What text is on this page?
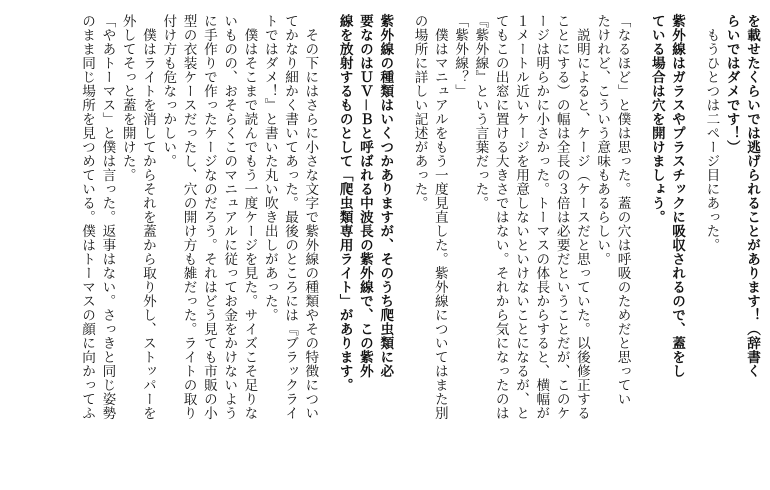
を載せたくらいでは逃げられることがあります！（辞書く
らいではダメです！）

　もうひとつは二ページ目にあった。

紫外線はガラスやプラスチックに吸収されるので、蓋をし
ている場合は穴を開けましょう。

「なるほど」と僕は思った。蓋の穴は呼吸のためだと思ってい
たけれど、こういう意味もあるらしい。
　説明によると、ケージ（ケースだと思っていた。以後修正する
ことにする）の幅は全長の３倍は必要だということだが、このケ
ージは明らかに小さかった。トーマスの体長からすると、横幅が
１メートル近いケージを用意しないといけないことになるが、と
てもこの出窓に置ける大きさではない。それから気になったのは
『紫外線』という言葉だった。
「紫外線？」
　僕はマニュアルをもう一度見直した。紫外線についてはまた別
の場所に詳しい記述があった。

紫外線の種類はいくつかありますが、そのうち爬虫類に必
要なのはＵＶ－Ｂと呼ばれる中波長の紫外線で、この紫外
線を放射するものとして「爬虫類専用ライト」があります。

　その下にはさらに小さな文字で紫外線の種類やその特徴につい
てかなり細かく書いてあった。最後のところには『ブラックライ
トではダメ！』と書いた丸い吹き出しがあった。
　僕はそこまで読んでもう一度ケージを見た。サイズこそ足りな
いものの、おそらくこのマニュアルに従ってお金をかけないよう
に手作りで作ったケージなのだろう。それはどう見ても市販の小
型の衣装ケースだったし、穴の開け方も雑だった。ライトの取り
付け方も危なっかしい。
　僕はライトを消してからそれを蓋から取り外し、ストッパーを
外してそっと蓋を開けた。
「やあトーマス」と僕は言った。返事はない。さっきと同じ姿勢
のまま同じ場所を見つめている。僕はトーマスの顔に向かってふ
